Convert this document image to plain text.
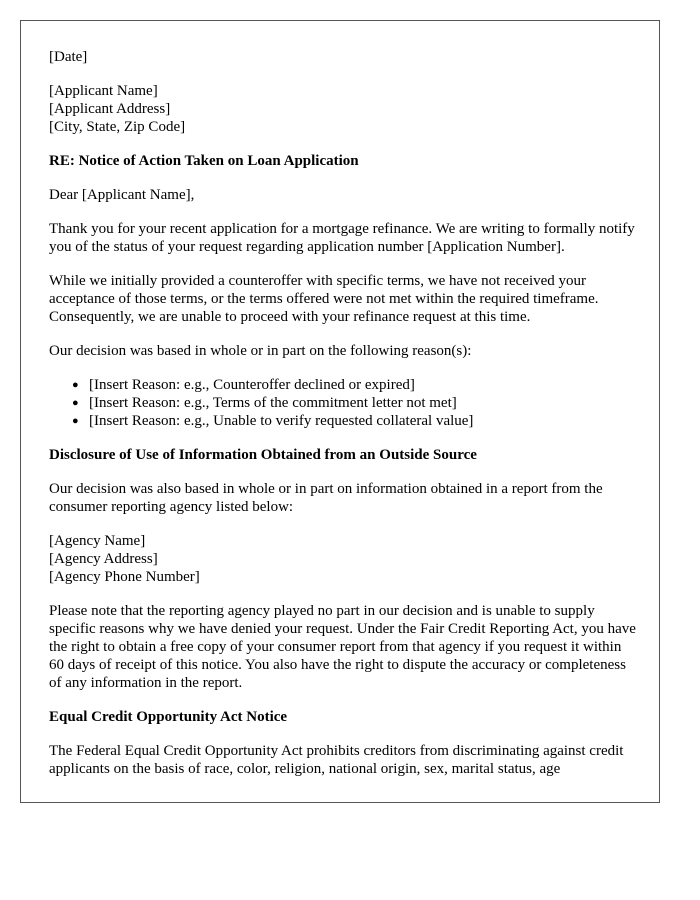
[Date]

[Applicant Name]
[Applicant Address]
[City, State, Zip Code]

RE: Notice of Action Taken on Loan Application

Dear [Applicant Name],

Thank you for your recent application for a mortgage refinance. We are writing to formally notify you of the status of your request regarding application number [Application Number].

While we initially provided a counteroffer with specific terms, we have not received your acceptance of those terms, or the terms offered were not met within the required timeframe. Consequently, we are unable to proceed with your refinance request at this time.

Our decision was based in whole or in part on the following reason(s):

● [Insert Reason: e.g., Counteroffer declined or expired]
● [Insert Reason: e.g., Terms of the commitment letter not met]
● [Insert Reason: e.g., Unable to verify requested collateral value]

Disclosure of Use of Information Obtained from an Outside Source

Our decision was also based in whole or in part on information obtained in a report from the consumer reporting agency listed below:

[Agency Name]
[Agency Address]
[Agency Phone Number]

Please note that the reporting agency played no part in our decision and is unable to supply specific reasons why we have denied your request. Under the Fair Credit Reporting Act, you have the right to obtain a free copy of your consumer report from that agency if you request it within 60 days of receipt of this notice. You also have the right to dispute the accuracy or completeness of any information in the report.

Equal Credit Opportunity Act Notice

The Federal Equal Credit Opportunity Act prohibits creditors from discriminating against credit applicants on the basis of race, color, religion, national origin, sex, marital status, age
